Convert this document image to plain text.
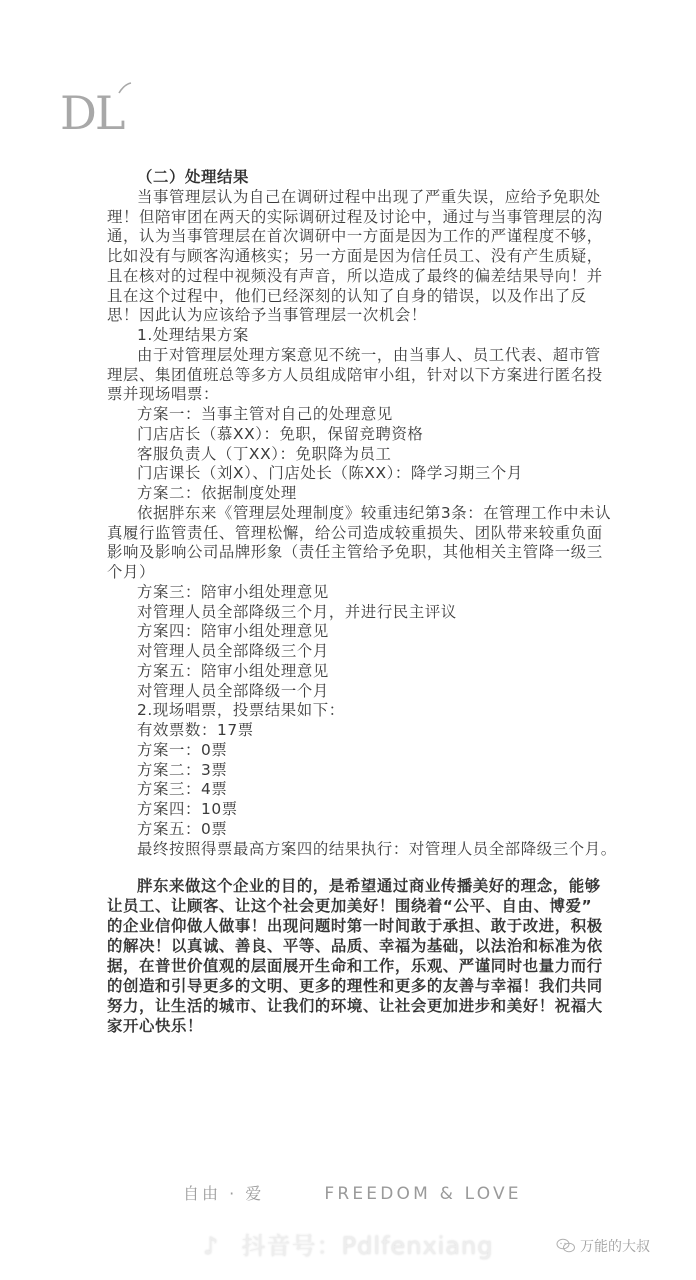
DL
（二）处理结果
当事管理层认为自己在调研过程中出现了严重失误，应给予免职处
理！但陪审团在两天的实际调研过程及讨论中，通过与当事管理层的沟
通，认为当事管理层在首次调研中一方面是因为工作的严谨程度不够，
比如没有与顾客沟通核实；另一方面是因为信任员工、没有产生质疑，
且在核对的过程中视频没有声音，所以造成了最终的偏差结果导向！并
且在这个过程中，他们已经深刻的认知了自身的错误，以及作出了反
思！因此认为应该给予当事管理层一次机会！
1.处理结果方案
由于对管理层处理方案意见不统一，由当事人、员工代表、超市管
理层、集团值班总等多方人员组成陪审小组，针对以下方案进行匿名投
票并现场唱票：
方案一：当事主管对自己的处理意见
门店店长（慕XX）：免职，保留竞聘资格
客服负责人（丁XX）：免职降为员工
门店课长（刘X）、门店处长（陈XX）：降学习期三个月
方案二：依据制度处理
依据胖东来《管理层处理制度》较重违纪第3条：在管理工作中未认
真履行监管责任、管理松懈，给公司造成较重损失、团队带来较重负面
影响及影响公司品牌形象（责任主管给予免职，其他相关主管降一级三
个月）
方案三：陪审小组处理意见
对管理人员全部降级三个月，并进行民主评议
方案四：陪审小组处理意见
对管理人员全部降级三个月
方案五：陪审小组处理意见
对管理人员全部降级一个月
2.现场唱票，投票结果如下：
有效票数：17票
方案一：0票
方案二：3票
方案三：4票
方案四：10票
方案五：0票
最终按照得票最高方案四的结果执行：对管理人员全部降级三个月。
胖东来做这个企业的目的，是希望通过商业传播美好的理念，能够
让员工、让顾客、让这个社会更加美好！围绕着“公平、自由、博爱”
的企业信仰做人做事！出现问题时第一时间敢于承担、敢于改进，积极
的解决！以真诚、善良、平等、品质、幸福为基础，以法治和标准为依
据，在普世价值观的层面展开生命和工作，乐观、严谨同时也量力而行
的创造和引导更多的文明、更多的理性和更多的友善与幸福！我们共同
努力，让生活的城市、让我们的环境、让社会更加进步和美好！祝福大
家开心快乐！
自由 · 爱	FREEDOM & LOVE
♪ 抖音号：Pdlfenxiang	万能的大叔
